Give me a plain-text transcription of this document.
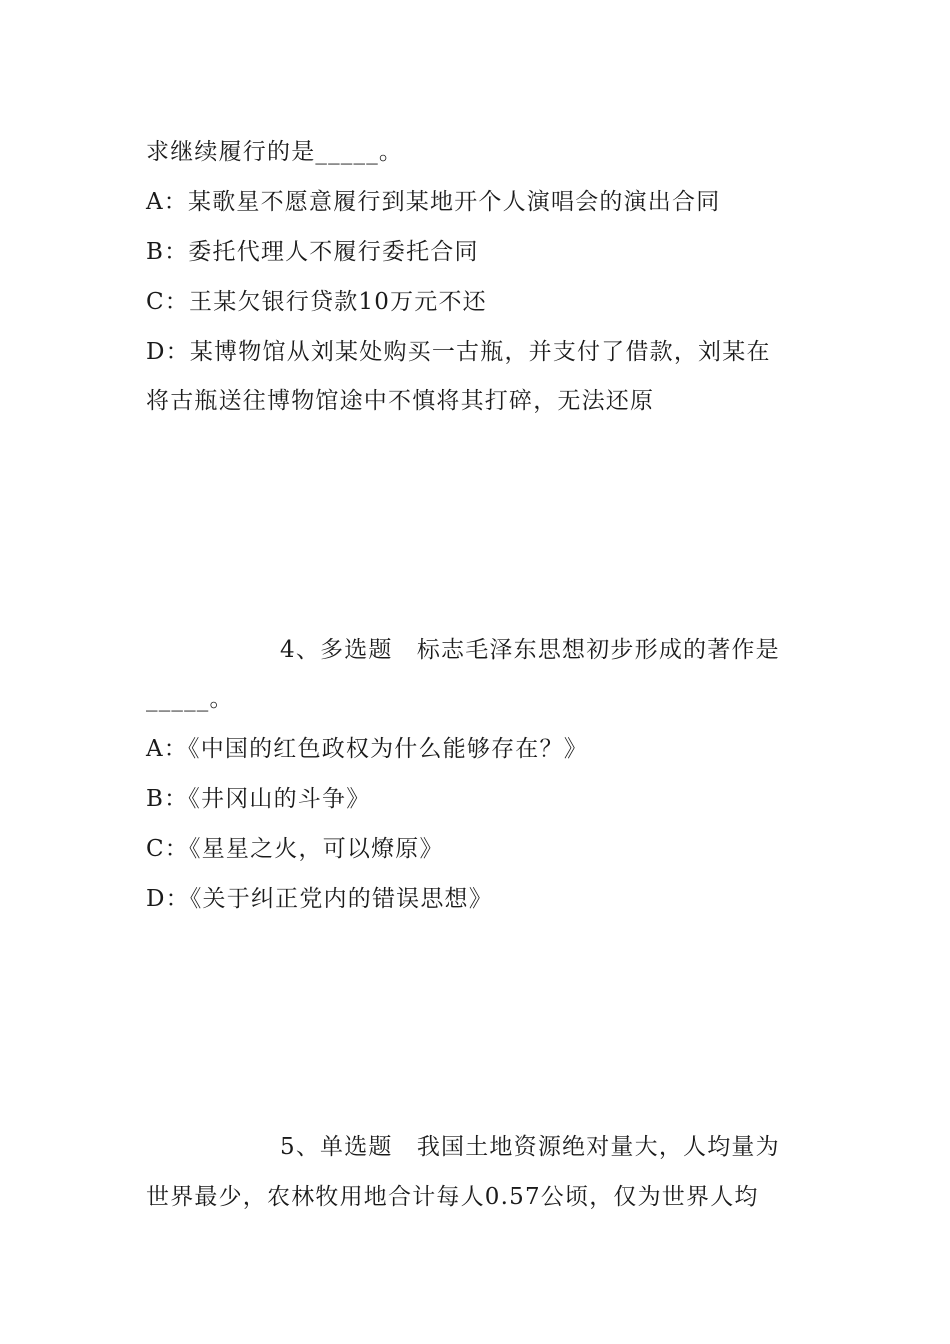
求继续履行的是_____。
A：某歌星不愿意履行到某地开个人演唱会的演出合同
B：委托代理人不履行委托合同
C：王某欠银行贷款10万元不还
D：某博物馆从刘某处购买一古瓶，并支付了借款，刘某在
将古瓶送往博物馆途中不慎将其打碎，无法还原
4、多选题　标志毛泽东思想初步形成的著作是
_____。
A：《中国的红色政权为什么能够存在？》
B：《井冈山的斗争》
C：《星星之火，可以燎原》
D：《关于纠正党内的错误思想》
5、单选题　我国土地资源绝对量大，人均量为
世界最少，农林牧用地合计每人0.57公顷，仅为世界人均
